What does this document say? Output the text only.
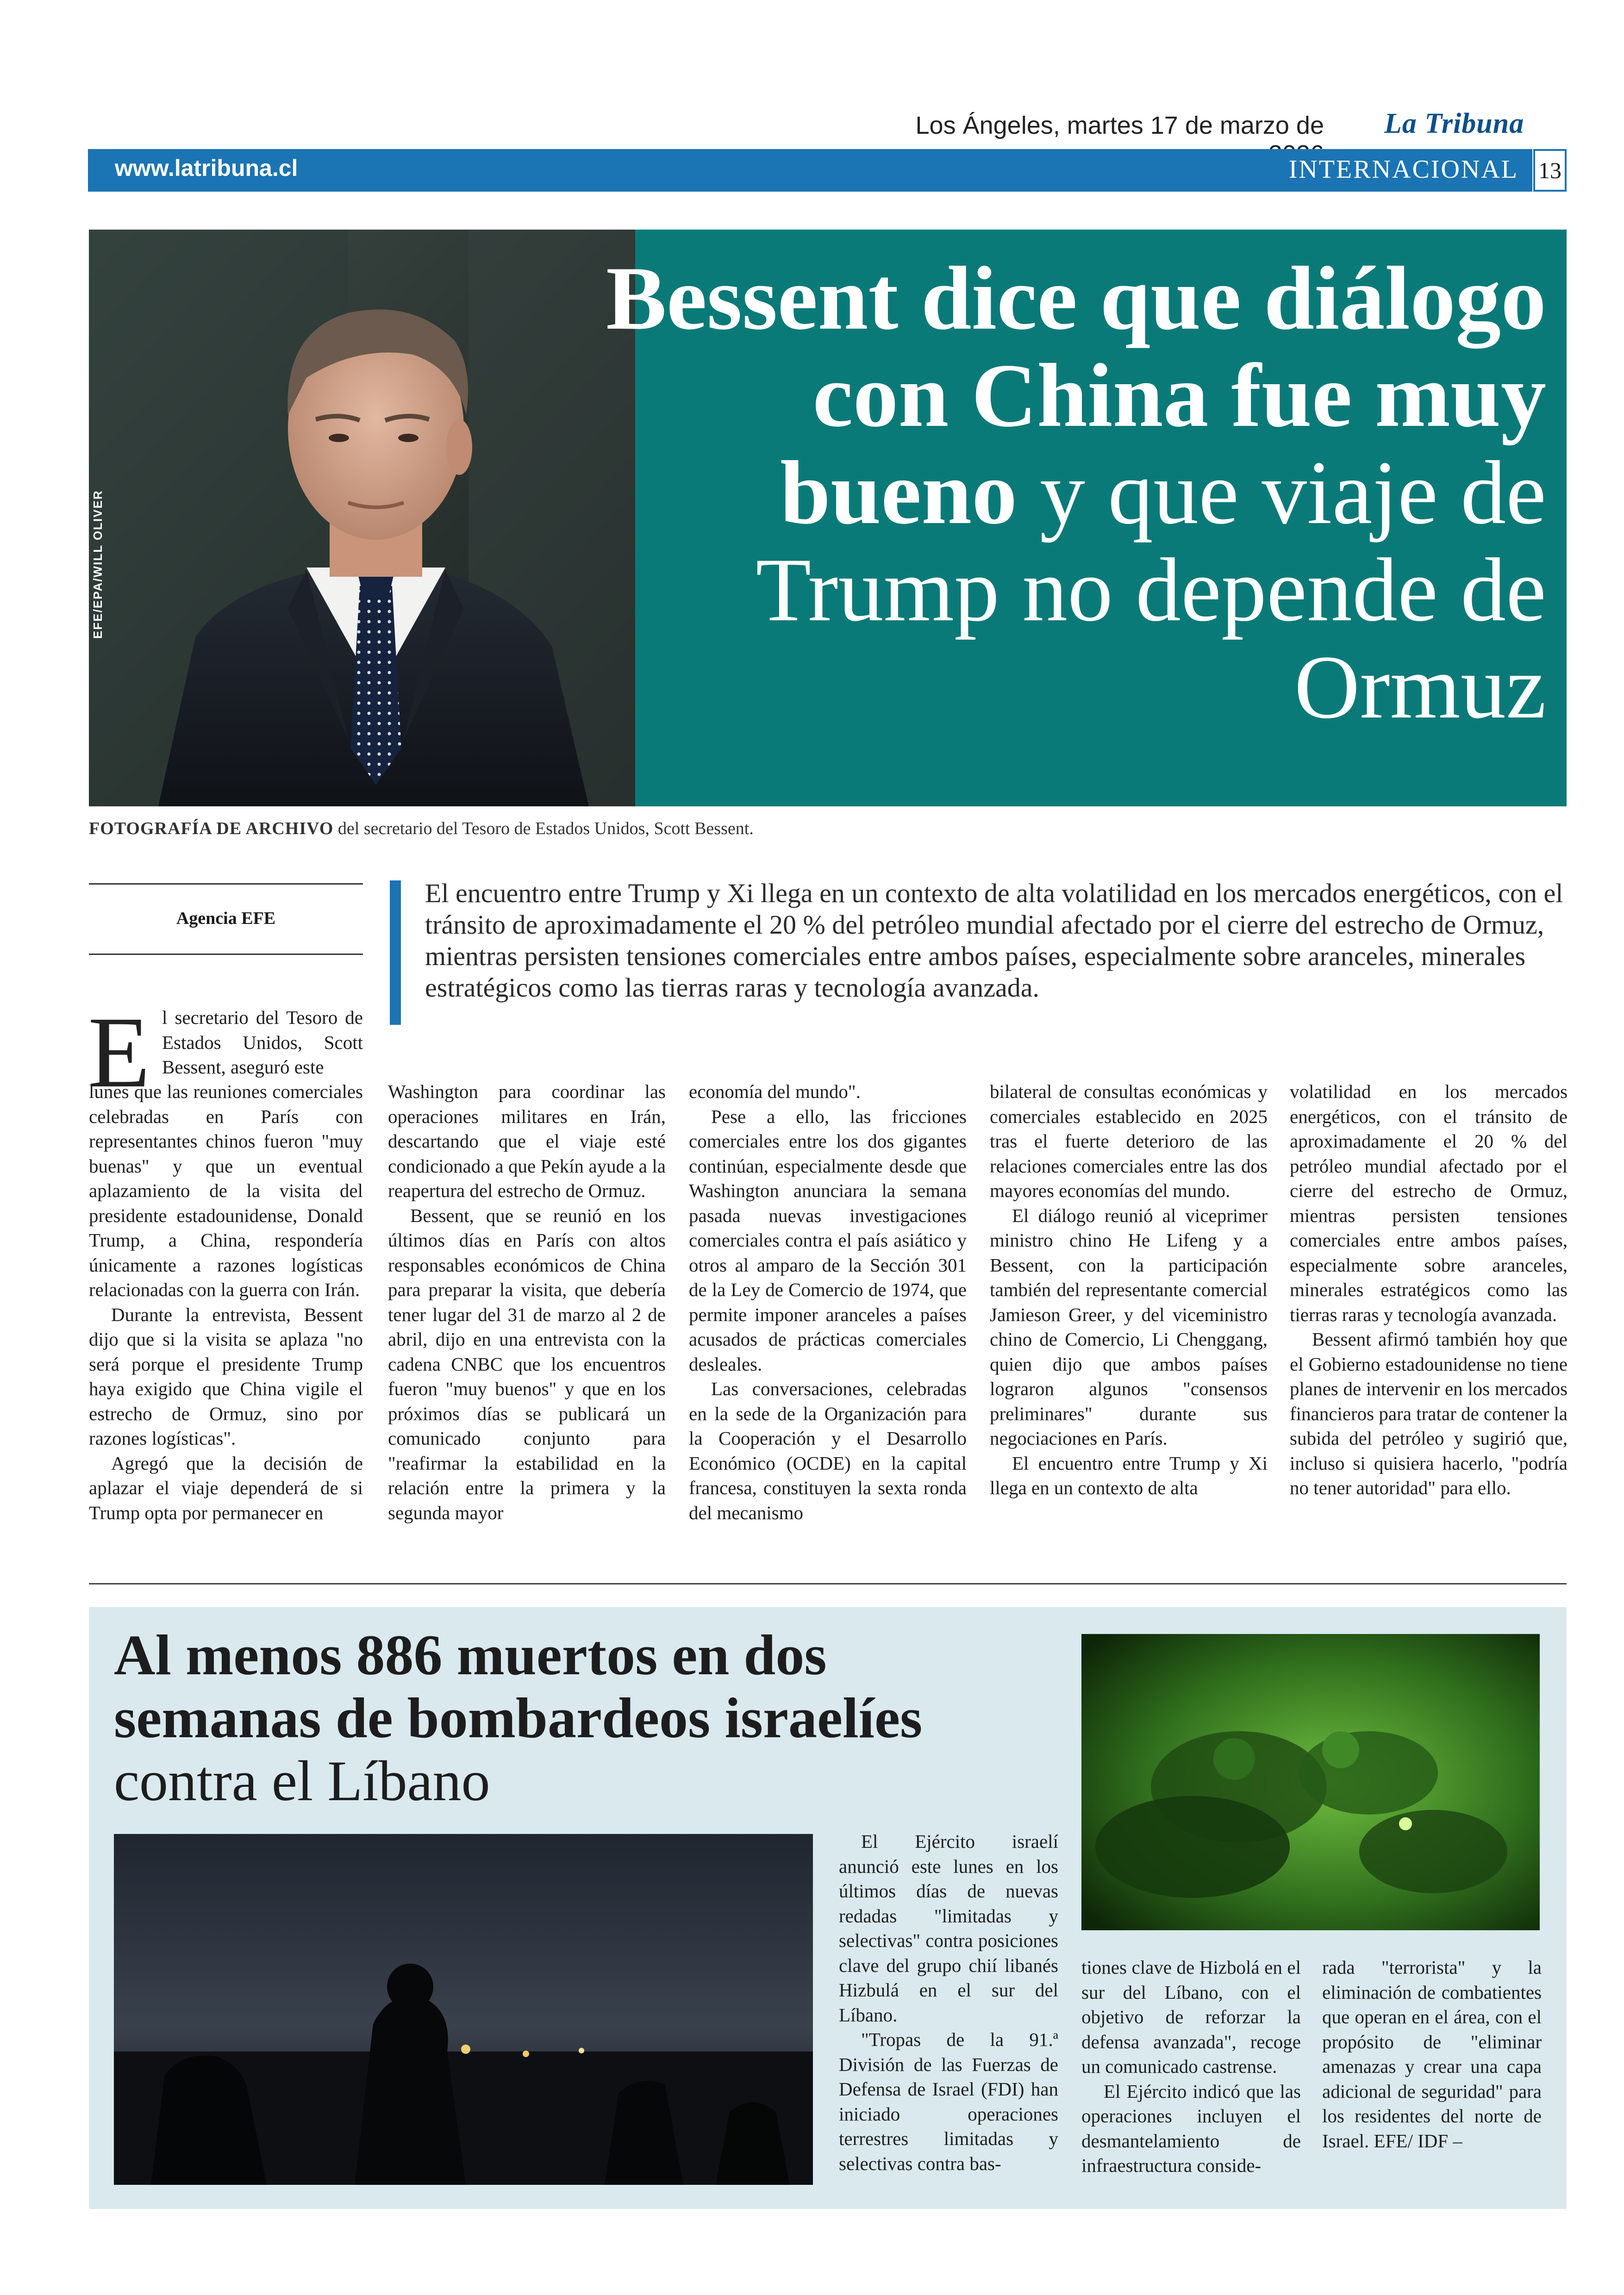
Los Ángeles, martes 17 de marzo de La Tribuna
www.latribuna.cl	INTERNACIONAL 13
EFE/EPA/WILL OLIVER
Bessent dice que diálogo con China fue muy bueno y que viaje de Trump no depende de Ormuz
FOTOGRAFÍA DE ARCHIVO del secretario del Tesoro de Estados Unidos, Scott Bessent.
Agencia EFE
El encuentro entre Trump y Xi llega en un contexto de alta volatilidad en los mercados energéticos, con el tránsito de aproximadamente el 20 % del petróleo mundial afectado por el cierre del estrecho de Ormuz, mientras persisten tensiones comerciales entre ambos países, especialmente sobre aranceles, minerales estratégicos como las tierras raras y tecnología avanzada.
E l secretario del Tesoro de Estados Unidos, Scott Bessent, aseguró este

lunes que las reuniones comerciales celebradas en París con representantes chinos fueron "muy buenas" y que un eventual aplazamiento de la visita del presidente estadounidense, Donald Trump, a China, respondería únicamente a razones logísticas relacionadas con la guerra con Irán.

Durante la entrevista, Bessent dijo que si la visita se aplaza "no será porque el presidente Trump haya exigido que China vigile el estrecho de Ormuz, sino por razones logísticas".

Agregó que la decisión de aplazar el viaje dependerá de si Trump opta por permanecer en

Washington para coordinar las operaciones militares en Irán, descartando que el viaje esté condicionado a que Pekín ayude a la reapertura del estrecho de Ormuz.

Bessent, que se reunió en los últimos días en París con altos responsables económicos de China para preparar la visita, que debería tener lugar del 31 de marzo al 2 de abril, dijo en una entrevista con la cadena CNBC que los encuentros fueron "muy buenos" y que en los próximos días se publicará un comunicado conjunto para "reafirmar la estabilidad en la relación entre la primera y la segunda mayor

economía del mundo".

Pese a ello, las fricciones comerciales entre los dos gigantes continúan, especialmente desde que Washington anunciara la semana pasada nuevas investigaciones comerciales contra el país asiático y otros al amparo de la Sección 301 de la Ley de Comercio de 1974, que permite imponer aranceles a países acusados de prácticas comerciales desleales.

Las conversaciones, celebradas en la sede de la Organización para la Cooperación y el Desarrollo Económico (OCDE) en la capital francesa, constituyen la sexta ronda del mecanismo

bilateral de consultas económicas y comerciales establecido en 2025 tras el fuerte deterioro de las relaciones comerciales entre las dos mayores economías del mundo.

El diálogo reunió al viceprimer ministro chino He Lifeng y a Bessent, con la participación también del representante comercial Jamieson Greer, y del viceministro chino de Comercio, Li Chenggang, quien dijo que ambos países lograron algunos "consensos preliminares" durante sus negociaciones en París.

El encuentro entre Trump y Xi llega en un contexto de alta

volatilidad en los mercados energéticos, con el tránsito de aproximadamente el 20 % del petróleo mundial afectado por el cierre del estrecho de Ormuz, mientras persisten tensiones comerciales entre ambos países, especialmente sobre aranceles, minerales estratégicos como las tierras raras y tecnología avanzada.

Bessent afirmó también hoy que el Gobierno estadounidense no tiene planes de intervenir en los mercados financieros para tratar de contener la subida del petróleo y sugirió que, incluso si quisiera hacerlo, "podría no tener autoridad" para ello.

Al menos 886 muertos en dos semanas de bombardeos israelíes
contra el Líbano

El Ejército israelí anunció este lunes en los últimos días de nuevas redadas "limitadas y selectivas" contra posiciones clave del grupo chií libanés Hizbulá en el sur del Líbano.

"Tropas de la 91.ª División de las Fuerzas de Defensa de Israel (FDI) han iniciado operaciones terrestres limitadas y selectivas contra bas-

tiones clave de Hizbolá en el sur del Líbano, con el objetivo de reforzar la defensa avanzada", recoge un comunicado castrense.

El Ejército indicó que las operaciones incluyen el desmantelamiento de infraestructura conside-

rada "terrorista" y la eliminación de combatientes que operan en el área, con el propósito de "eliminar amenazas y crear una capa adicional de seguridad" para los residentes del norte de Israel. EFE/ IDF –
